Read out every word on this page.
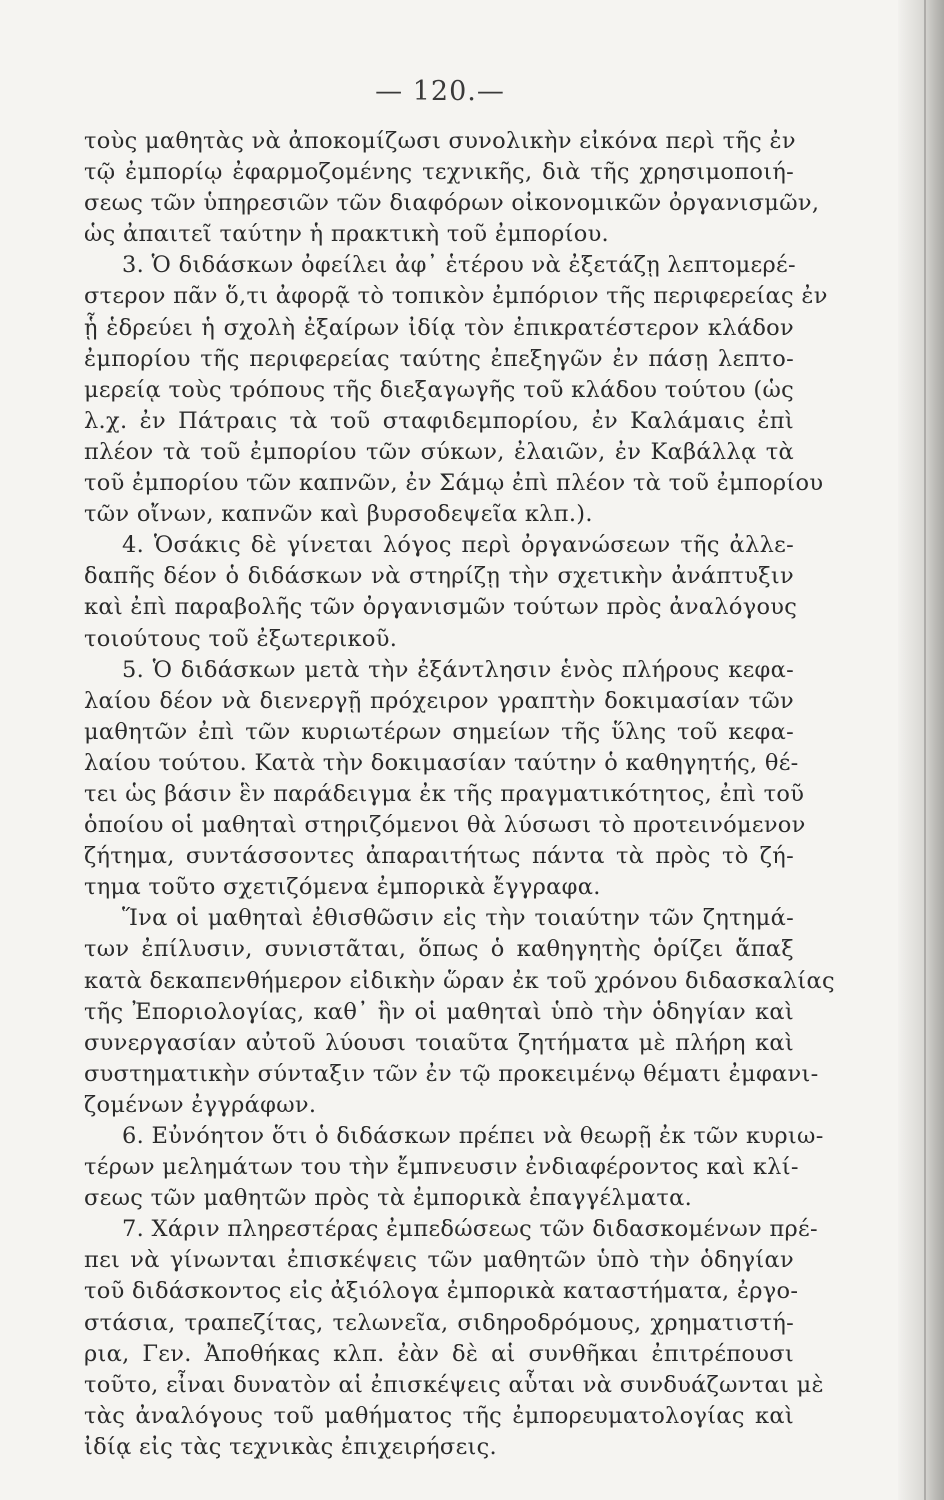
— 120.—
τοὺς μαθητὰς νὰ ἀποκομίζωσι συνολικὴν εἰκόνα περὶ τῆς ἐν
τῷ ἐμπορίῳ ἐφαρμοζομένης τεχνικῆς, διὰ τῆς χρησιμοποιή-
σεως τῶν ὑπηρεσιῶν τῶν διαφόρων οἰκονομικῶν ὀργανισμῶν,
ὡς ἀπαιτεῖ ταύτην ἡ πρακτικὴ τοῦ ἐμπορίου.
3. Ὁ διδάσκων ὀφείλει ἀφ᾽ ἑτέρου νὰ ἐξετάζῃ λεπτομερέ-
στερον πᾶν ὅ,τι ἀφορᾷ τὸ τοπικὸν ἐμπόριον τῆς περιφερείας ἐν
ᾗ ἑδρεύει ἡ σχολὴ ἐξαίρων ἰδίᾳ τὸν ἐπικρατέστερον κλάδον
ἐμπορίου τῆς περιφερείας ταύτης ἐπεξηγῶν ἐν πάσῃ λεπτο-
μερείᾳ τοὺς τρόπους τῆς διεξαγωγῆς τοῦ κλάδου τούτου (ὡς
λ.χ. ἐν Πάτραις τὰ τοῦ σταφιδεμπορίου, ἐν Καλάμαις ἐπὶ
πλέον τὰ τοῦ ἐμπορίου τῶν σύκων, ἐλαιῶν, ἐν Καβάλλᾳ τὰ
τοῦ ἐμπορίου τῶν καπνῶν, ἐν Σάμῳ ἐπὶ πλέον τὰ τοῦ ἐμπορίου
τῶν οἴνων, καπνῶν καὶ βυρσοδεψεῖα κλπ.).
4. Ὁσάκις δὲ γίνεται λόγος περὶ ὀργανώσεων τῆς ἀλλε-
δαπῆς δέον ὁ διδάσκων νὰ στηρίζῃ τὴν σχετικὴν ἀνάπτυξιν
καὶ ἐπὶ παραβολῆς τῶν ὀργανισμῶν τούτων πρὸς ἀναλόγους
τοιούτους τοῦ ἐξωτερικοῦ.
5. Ὁ διδάσκων μετὰ τὴν ἐξάντλησιν ἑνὸς πλήρους κεφα-
λαίου δέον νὰ διενεργῇ πρόχειρον γραπτὴν δοκιμασίαν τῶν
μαθητῶν ἐπὶ τῶν κυριωτέρων σημείων τῆς ὕλης τοῦ κεφα-
λαίου τούτου. Κατὰ τὴν δοκιμασίαν ταύτην ὁ καθηγητής, θέ-
τει ὡς βάσιν ἓν παράδειγμα ἐκ τῆς πραγματικότητος, ἐπὶ τοῦ
ὁποίου οἱ μαθηταὶ στηριζόμενοι θὰ λύσωσι τὸ προτεινόμενον
ζήτημα, συντάσσοντες ἀπαραιτήτως πάντα τὰ πρὸς τὸ ζή-
τημα τοῦτο σχετιζόμενα ἐμπορικὰ ἔγγραφα.
Ἵνα οἱ μαθηταὶ ἐθισθῶσιν εἰς τὴν τοιαύτην τῶν ζητημά-
των ἐπίλυσιν, συνιστᾶται, ὅπως ὁ καθηγητὴς ὁρίζει ἅπαξ
κατὰ δεκαπενθήμερον εἰδικὴν ὥραν ἐκ τοῦ χρόνου διδασκαλίας
τῆς Ἐποριολογίας, καθ᾽ ἣν οἱ μαθηταὶ ὑπὸ τὴν ὁδηγίαν καὶ
συνεργασίαν αὐτοῦ λύουσι τοιαῦτα ζητήματα μὲ πλήρη καὶ
συστηματικὴν σύνταξιν τῶν ἐν τῷ προκειμένῳ θέματι ἐμφανι-
ζομένων ἐγγράφων.
6. Εὐνόητον ὅτι ὁ διδάσκων πρέπει νὰ θεωρῇ ἐκ τῶν κυριω-
τέρων μελημάτων του τὴν ἔμπνευσιν ἐνδιαφέροντος καὶ κλί-
σεως τῶν μαθητῶν πρὸς τὰ ἐμπορικὰ ἐπαγγέλματα.
7. Χάριν πληρεστέρας ἐμπεδώσεως τῶν διδασκομένων πρέ-
πει νὰ γίνωνται ἐπισκέψεις τῶν μαθητῶν ὑπὸ τὴν ὁδηγίαν
τοῦ διδάσκοντος εἰς ἀξιόλογα ἐμπορικὰ καταστήματα, ἐργο-
στάσια, τραπεζίτας, τελωνεῖα, σιδηροδρόμους, χρηματιστή-
ρια, Γεν. Ἀποθήκας κλπ. ἐὰν δὲ αἱ συνθῆκαι ἐπιτρέπουσι
τοῦτο, εἶναι δυνατὸν αἱ ἐπισκέψεις αὗται νὰ συνδυάζωνται μὲ
τὰς ἀναλόγους τοῦ μαθήματος τῆς ἐμπορευματολογίας καὶ
ἰδίᾳ εἰς τὰς τεχνικὰς ἐπιχειρήσεις.
